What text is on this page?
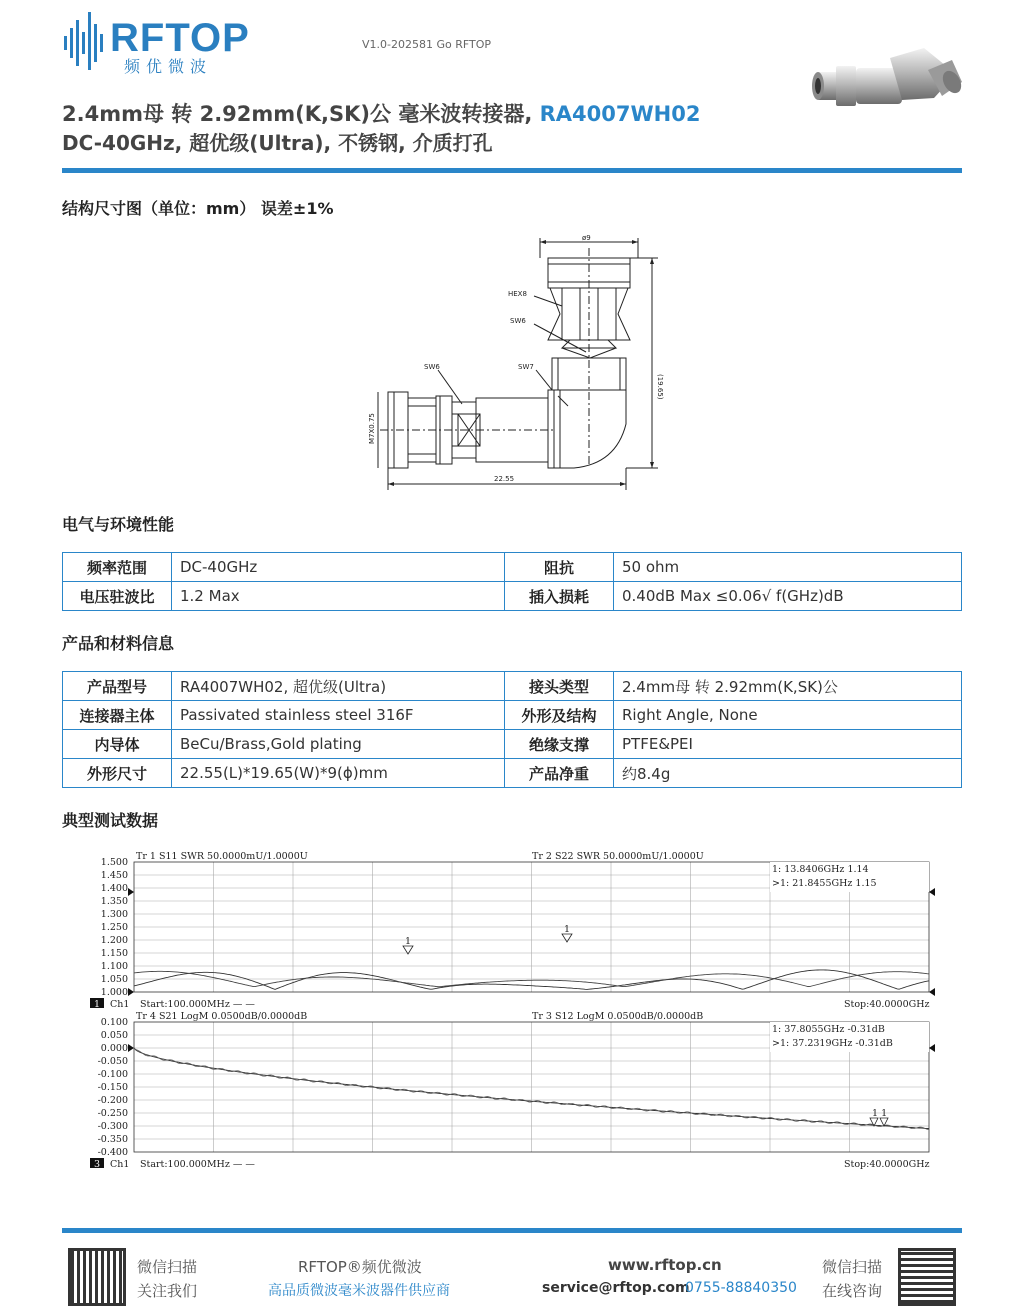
RFTOP
频优微波
V1.0-202581 Go RFTOP
2.4mm母 转 2.92mm(K,SK)公 毫米波转接器, RA4007WH02
DC-40GHz, 超优级(Ultra), 不锈钢, 介质打孔
结构尺寸图（单位：mm） 误差±1%
ø9
HEX8
SW6
SW6	SW7
(19.65)
M7X0.75
22.55
电气与环境性能
频率范围	DC-40GHz	阻抗	50 ohm
电压驻波比	1.2 Max	插入损耗	0.40dB Max ≤0.06√ f(GHz)dB
产品和材料信息
产品型号	RA4007WH02, 超优级(Ultra)	接头类型	2.4mm母 转 2.92mm(K,SK)公
连接器主体	Passivated stainless steel 316F	外形及结构	Right Angle, None
内导体	BeCu/Brass,Gold plating	绝缘支撑	PTFE&PEI
外形尺寸	22.55(L)*19.65(W)*9(ϕ)mm	产品净重	约8.4g
典型测试数据
1.500
1.450
1.400
1.350
1.300
1.250
1.200
1.150
1.100
1.050
1.000
Tr 1 S11 SWR 50.0000mU/1.0000U	Tr 2 S22 SWR 50.0000mU/1.0000U
1: 13.8406GHz 1.14
>1: 21.8455GHz 1.15
1
1
1 Ch1 Start:100.000MHz — —	Stop:40.0000GHz
0.100
0.050
0.000
-0.050
-0.100
-0.150
-0.200
-0.250
-0.300
-0.350
-0.400
Tr 4 S21 LogM 0.0500dB/0.0000dB	Tr 3 S12 LogM 0.0500dB/0.0000dB
1: 37.8055GHz -0.31dB
>1: 37.2319GHz -0.31dB
1 1
3 Ch1 Start:100.000MHz — —	Stop:40.0000GHz
微信扫描
关注我们
RFTOP®频优微波
高品质微波毫米波器件供应商
www.rftop.cn
service@rftop.com
0755-88840350
微信扫描
在线咨询
